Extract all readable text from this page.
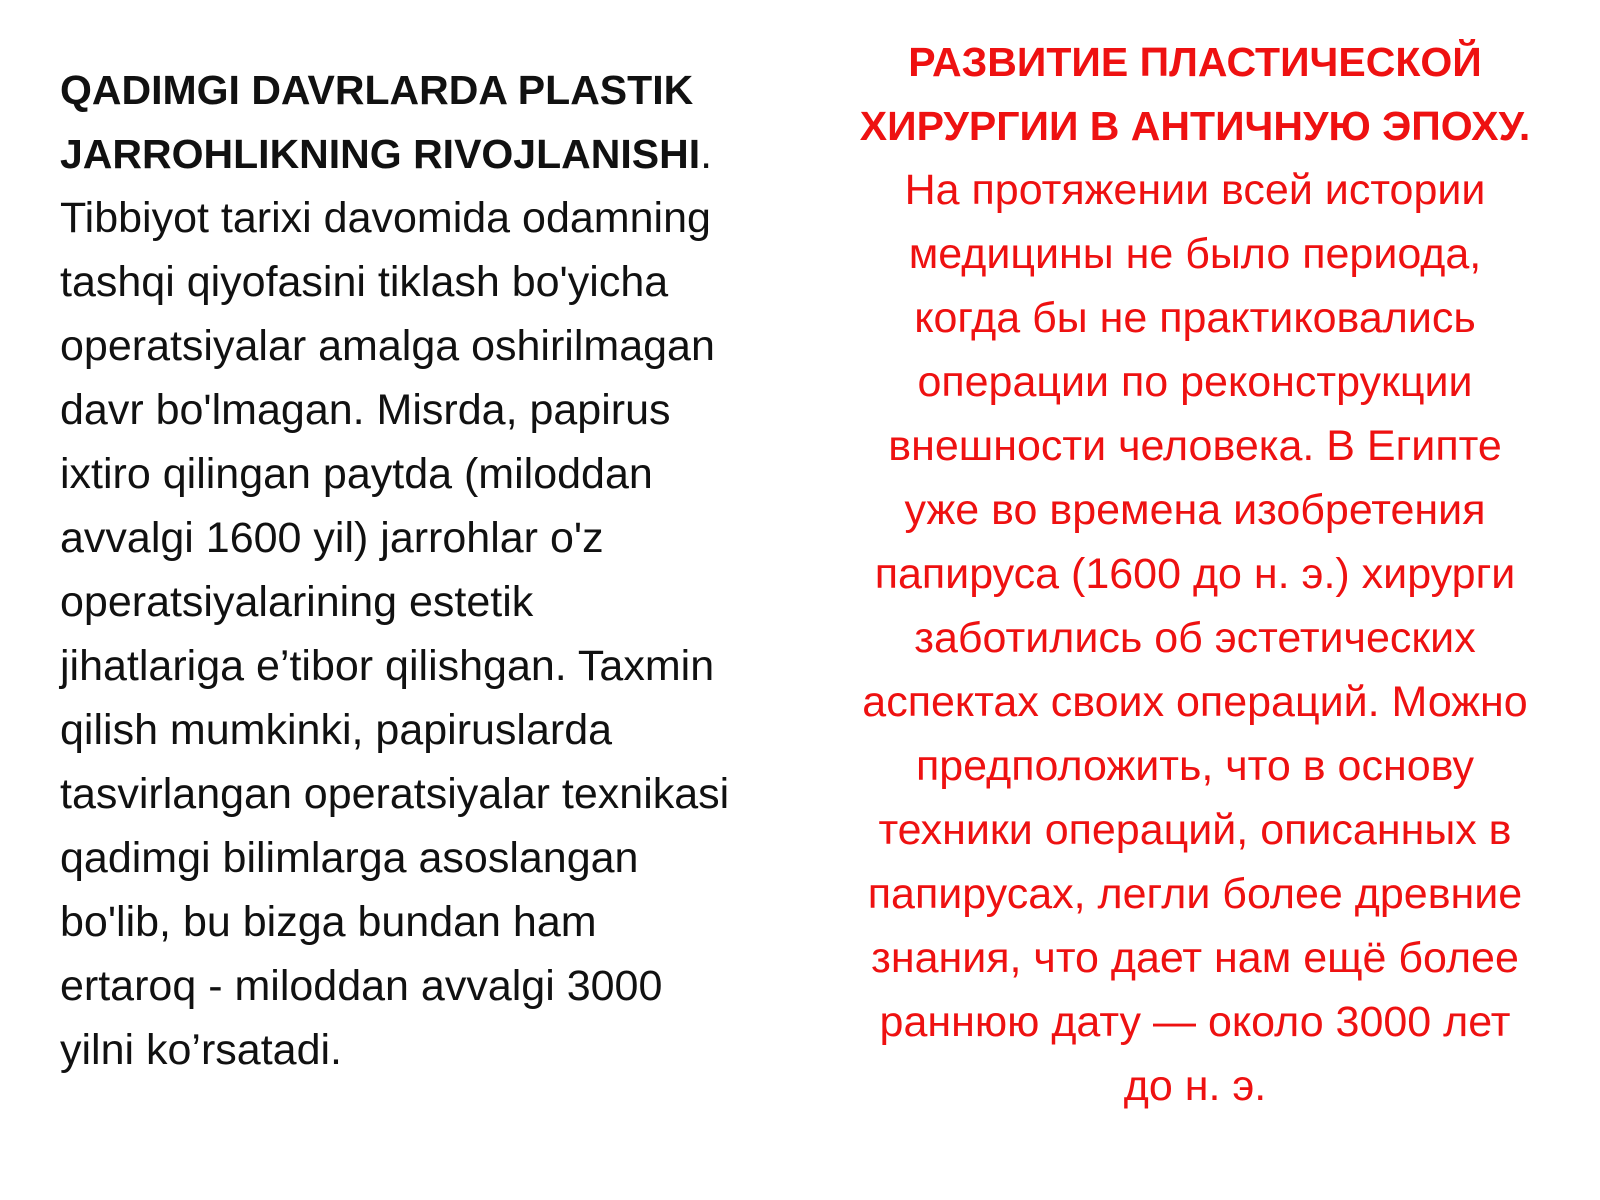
QADIMGI DAVRLARDA PLASTIK
JARROHLIKNING RIVOJLANISHI.
Tibbiyot tarixi davomida odamning
tashqi qiyofasini tiklash bo'yicha
operatsiyalar amalga oshirilmagan
davr bo'lmagan. Misrda, papirus
ixtiro qilingan paytda (miloddan
avvalgi 1600 yil) jarrohlar o'z
operatsiyalarining estetik
jihatlariga e’tibor qilishgan. Taxmin
qilish mumkinki, papiruslarda
tasvirlangan operatsiyalar texnikasi
qadimgi bilimlarga asoslangan
bo'lib, bu bizga bundan ham
ertaroq - miloddan avvalgi 3000
yilni ko’rsatadi.
РАЗВИТИЕ ПЛАСТИЧЕСКОЙ
ХИРУРГИИ В АНТИЧНУЮ ЭПОХУ.
На протяжении всей истории
медицины не было периода,
когда бы не практиковались
операции по реконструкции
внешности человека. В Египте
уже во времена изобретения
папируса (1600 до н. э.) хирурги
заботились об эстетических
аспектах своих операций. Можно
предположить, что в основу
техники операций, описанных в
папирусах, легли более древние
знания, что дает нам ещё более
раннюю дату — около 3000 лет
до н. э.
